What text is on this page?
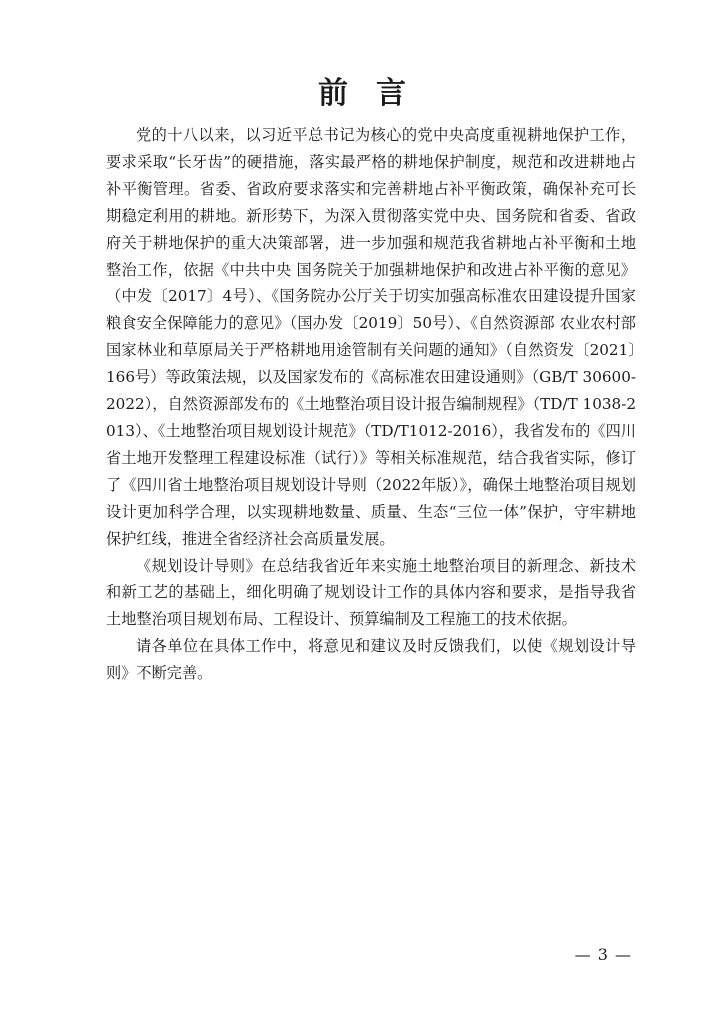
前言

党的十八以来，以习近平总书记为核心的党中央高度重视耕地保护工作，要求采取“长牙齿”的硬措施，落实最严格的耕地保护制度，规范和改进耕地占补平衡管理。省委、省政府要求落实和完善耕地占补平衡政策，确保补充可长期稳定利用的耕地。新形势下，为深入贯彻落实党中央、国务院和省委、省政府关于耕地保护的重大决策部署，进一步加强和规范我省耕地占补平衡和土地整治工作，依据《中共中央 国务院关于加强耕地保护和改进占补平衡的意见》（中发〔2017〕4号）、《国务院办公厅关于切实加强高标准农田建设提升国家粮食安全保障能力的意见》（国办发〔2019〕50号）、《自然资源部 农业农村部 国家林业和草原局关于严格耕地用途管制有关问题的通知》（自然资发〔2021〕166号）等政策法规，以及国家发布的《高标准农田建设通则》（GB/T 30600-2022），自然资源部发布的《土地整治项目设计报告编制规程》（TD/T 1038-2013）、《土地整治项目规划设计规范》（TD/T1012-2016），我省发布的《四川省土地开发整理工程建设标准（试行）》等相关标准规范，结合我省实际，修订了《四川省土地整治项目规划设计导则（2022年版）》，确保土地整治项目规划设计更加科学合理，以实现耕地数量、质量、生态“三位一体”保护，守牢耕地保护红线，推进全省经济社会高质量发展。

《规划设计导则》在总结我省近年来实施土地整治项目的新理念、新技术和新工艺的基础上，细化明确了规划设计工作的具体内容和要求，是指导我省土地整治项目规划布局、工程设计、预算编制及工程施工的技术依据。

请各单位在具体工作中，将意见和建议及时反馈我们，以使《规划设计导则》不断完善。

— 3 —
